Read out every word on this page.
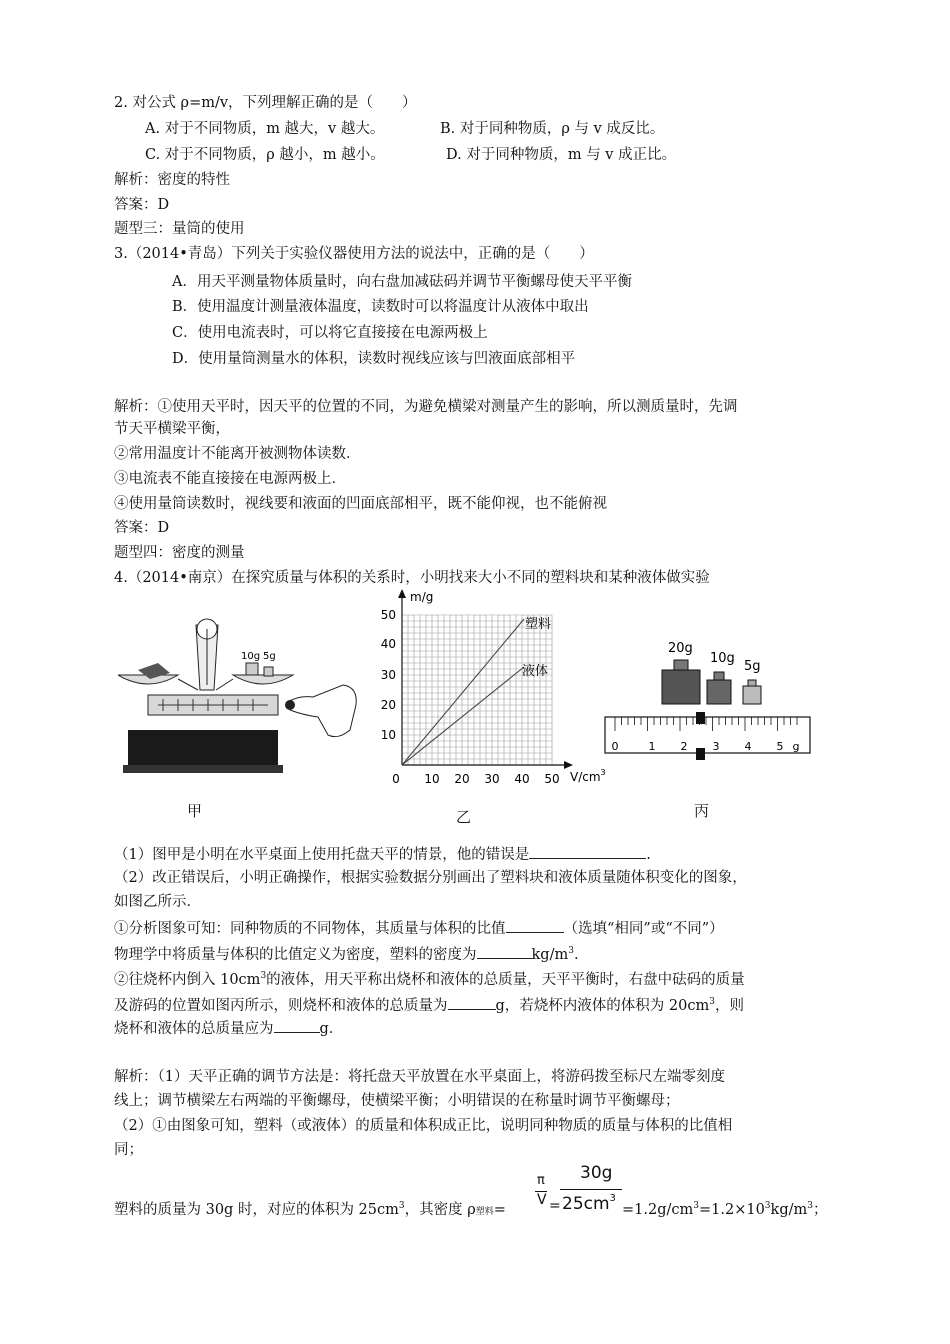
2. 对公式 ρ=m/v，下列理解正确的是（　　）
A. 对于不同物质，m 越大，v 越大。	B. 对于同种物质，ρ 与 v 成反比。
C. 对于不同物质，ρ 越小，m 越小。	D. 对于同种物质，m 与 v 成正比。
解析：密度的特性
答案：D
题型三：量筒的使用
3.（2014•青岛）下列关于实验仪器使用方法的说法中，正确的是（　　）
A．用天平测量物体质量时，向右盘加减砝码并调节平衡螺母使天平平衡
B．使用温度计测量液体温度，读数时可以将温度计从液体中取出
C．使用电流表时，可以将它直接接在电源两极上
D．使用量筒测量水的体积，读数时视线应该与凹液面底部相平
解析：①使用天平时，因天平的位置的不同，为避免横梁对测量产生的影响，所以测质量时，先调
节天平横梁平衡，
②常用温度计不能离开被测物体读数．
③电流表不能直接接在电源两极上．
④使用量筒读数时，视线要和液面的凹面底部相平，既不能仰视，也不能俯视
答案：D
题型四：密度的测量
4.（2014•南京）在探究质量与体积的关系时，小明找来大小不同的塑料块和某种液体做实验
10g 5g
甲
m/g
$V/cm^3$
50
40
30
20
10
0 10 20 30 40 50
塑料
液体
乙
20g
10g
5g
0	1 2 3 4 5 g
丙
（1）图甲是小明在水平桌面上使用托盘天平的情景，他的错误是	.
（2）改正错误后，小明正确操作，根据实验数据分别画出了塑料块和液体质量随体积变化的图象，
如图乙所示．
①分析图象可知：同种物质的不同物体，其质量与体积的比值	（选填“相同”或“不同”）
物理学中将质量与体积的比值定义为密度，塑料的密度为	$kg/m^3$.
②往烧杯内倒入 $10cm^3$的液体，用天平称出烧杯和液体的总质量，天平平衡时，右盘中砝码的质量
及游码的位置如图丙所示，则烧杯和液体的总质量为	g，若烧杯内液体的体积为 $20cm^3$，则
烧杯和液体的总质量应为	g．
解析：（1）天平正确的调节方法是：将托盘天平放置在水平桌面上，将游码拨至标尺左端零刻度
线上；调节横梁左右两端的平衡螺母，使横梁平衡；小明错误的在称量时调节平衡螺母；
（2）①由图象可知，塑料（或液体）的质量和体积成正比，说明同种物质的质量与体积的比值相
同；
塑料的质量为 30g 时，对应的体积为 $25cm^3$，其密度 ρ塑料=
π
V =
30g
$25cm^3$
$=1.2g/cm^3=1.2\times 10^3kg/m^3$；
